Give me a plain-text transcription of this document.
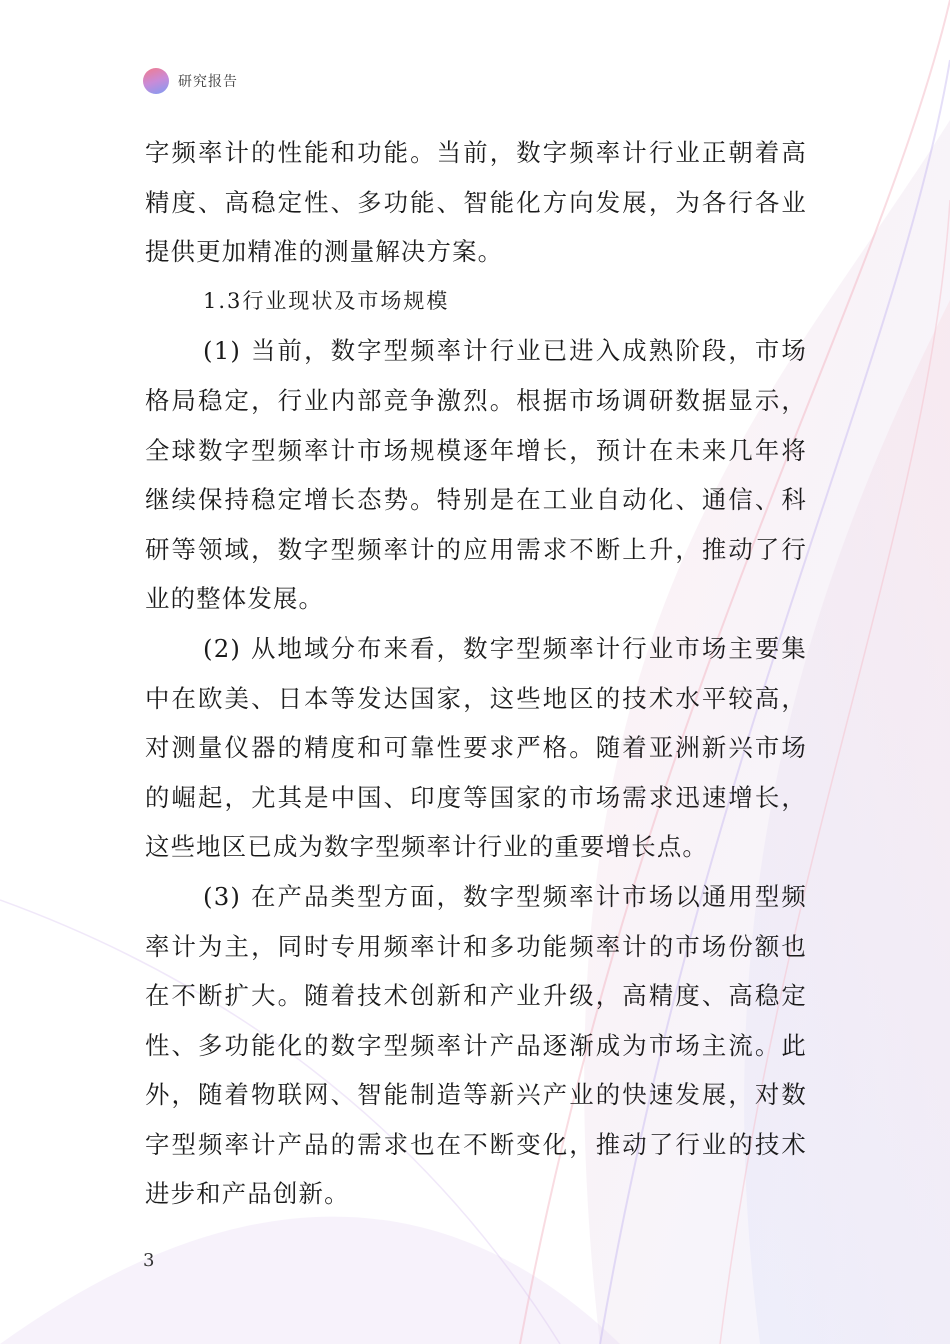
研究报告

字频率计的性能和功能。当前，数字频率计行业正朝着高精度、高稳定性、多功能、智能化方向发展，为各行各业提供更加精准的测量解决方案。

1.3行业现状及市场规模

(1) 当前，数字型频率计行业已进入成熟阶段，市场格局稳定，行业内部竞争激烈。根据市场调研数据显示，全球数字型频率计市场规模逐年增长，预计在未来几年将继续保持稳定增长态势。特别是在工业自动化、通信、科研等领域，数字型频率计的应用需求不断上升，推动了行业的整体发展。

(2) 从地域分布来看，数字型频率计行业市场主要集中在欧美、日本等发达国家，这些地区的技术水平较高，对测量仪器的精度和可靠性要求严格。随着亚洲新兴市场的崛起，尤其是中国、印度等国家的市场需求迅速增长，这些地区已成为数字型频率计行业的重要增长点。

(3) 在产品类型方面，数字型频率计市场以通用型频率计为主，同时专用频率计和多功能频率计的市场份额也在不断扩大。随着技术创新和产业升级，高精度、高稳定性、多功能化的数字型频率计产品逐渐成为市场主流。此外，随着物联网、智能制造等新兴产业的快速发展，对数字型频率计产品的需求也在不断变化，推动了行业的技术进步和产品创新。

3
